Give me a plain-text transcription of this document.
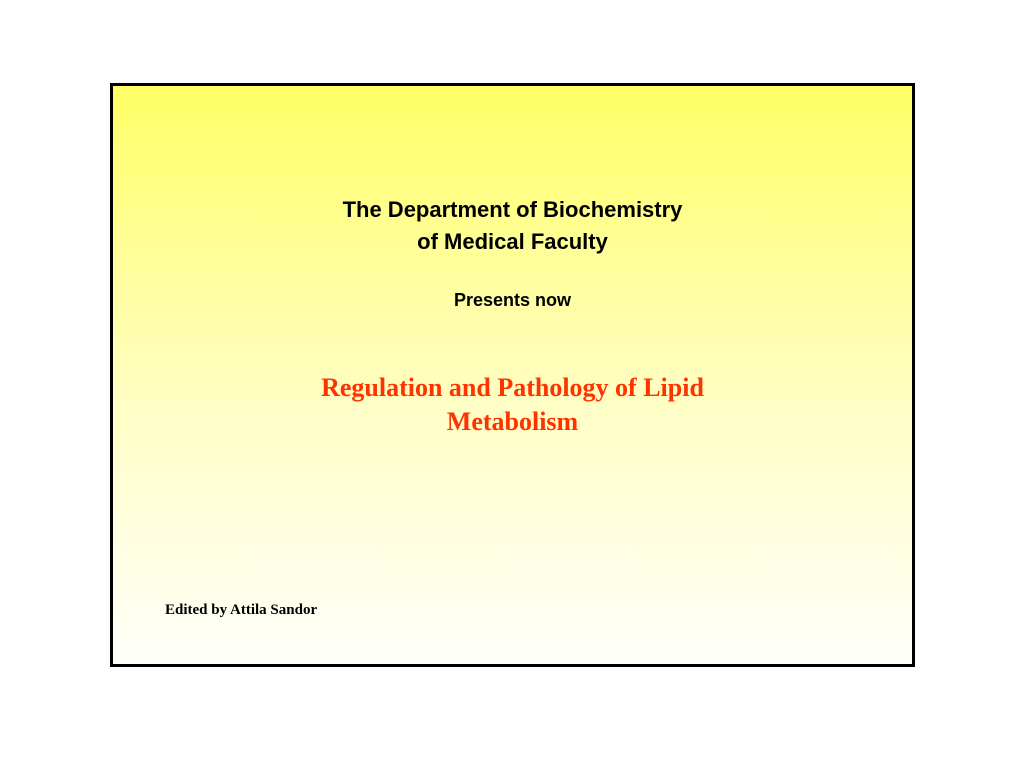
The Department of Biochemistry
of Medical Faculty
Presents now
Regulation and Pathology of Lipid
Metabolism
Edited by Attila Sandor
